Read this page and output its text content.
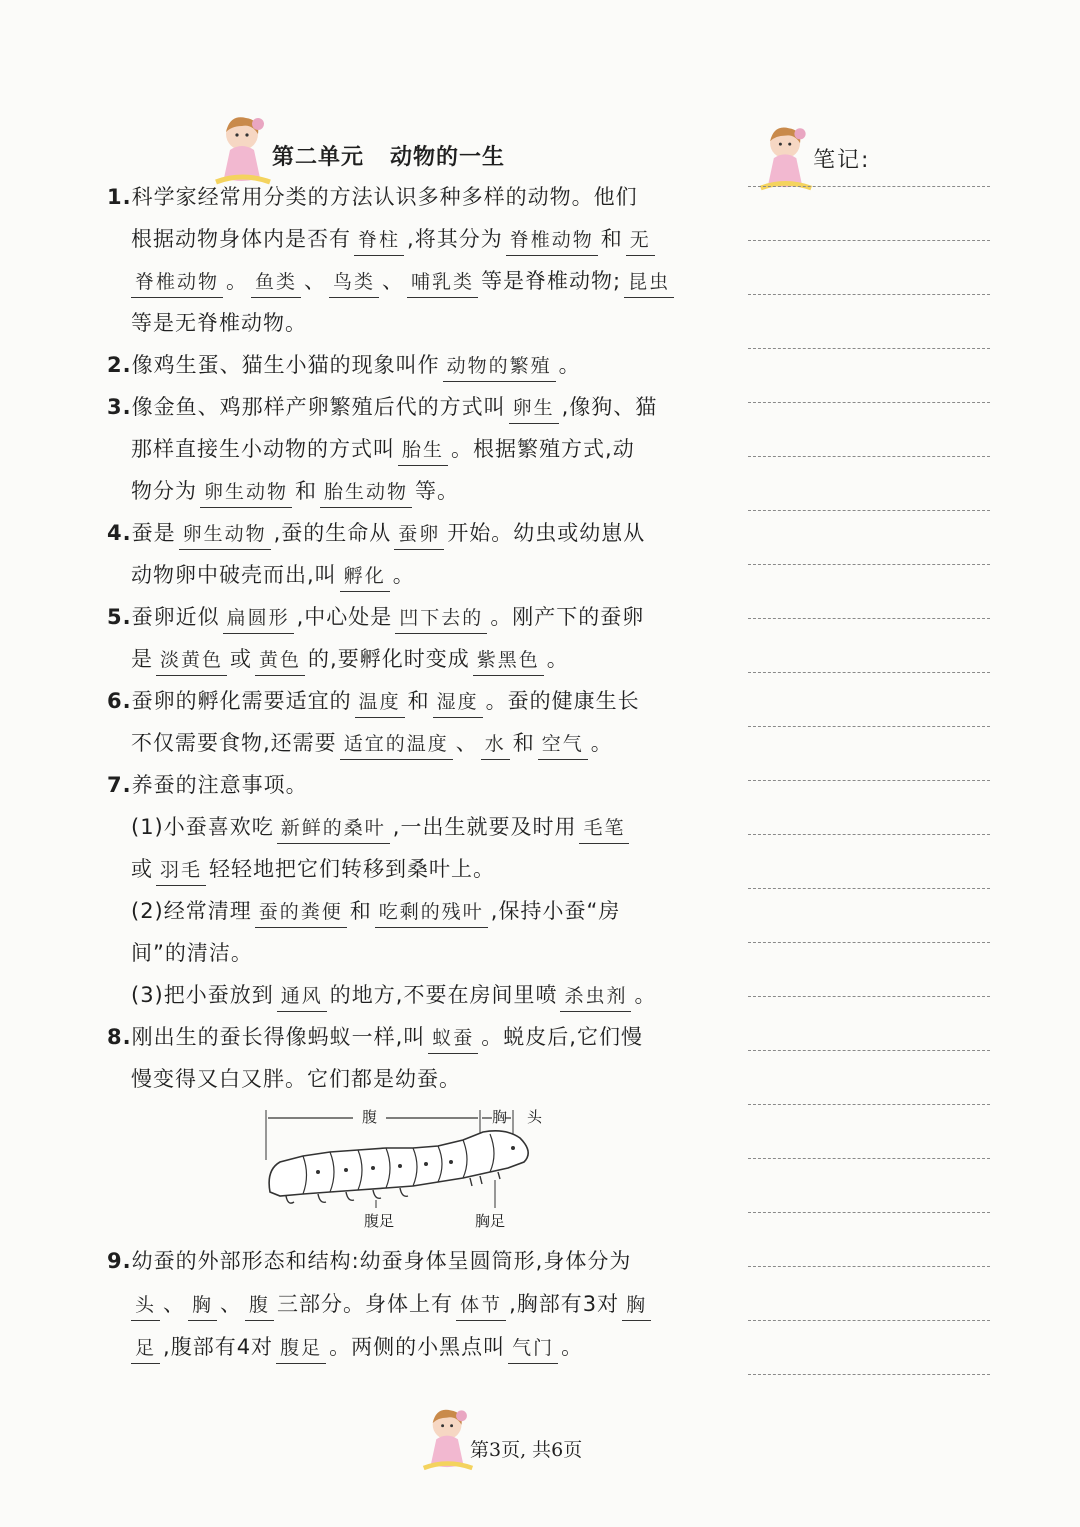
第二单元 动物的一生	笔记:
1.科学家经常用分类的方法认识多种多样的动物。他们
根据动物身体内是否有 脊柱 ,将其分为 脊椎动物 和 无
脊椎动物 。 鱼类 、 鸟类 、 哺乳类 等是脊椎动物; 昆虫
等是无脊椎动物。
2.像鸡生蛋、猫生小猫的现象叫作 动物的繁殖 。
3.像金鱼、鸡那样产卵繁殖后代的方式叫 卵生 ,像狗、猫
那样直接生小动物的方式叫 胎生 。根据繁殖方式,动
物分为 卵生动物 和 胎生动物 等。
4.蚕是 卵生动物 ,蚕的生命从 蚕卵 开始。幼虫或幼崽从
动物卵中破壳而出,叫 孵化 。
5.蚕卵近似 扁圆形 ,中心处是 凹下去的 。刚产下的蚕卵
是 淡黄色 或 黄色 的,要孵化时变成 紫黑色 。
6.蚕卵的孵化需要适宜的 温度 和 湿度 。蚕的健康生长
不仅需要食物,还需要 适宜的温度 、 水 和 空气 。
7.养蚕的注意事项。
(1)小蚕喜欢吃 新鲜的桑叶 ,一出生就要及时用 毛笔
或 羽毛 轻轻地把它们转移到桑叶上。
(2)经常清理 蚕的粪便 和 吃剩的残叶 ,保持小蚕“房
间”的清洁。
(3)把小蚕放到 通风 的地方,不要在房间里喷 杀虫剂 。
8.刚出生的蚕长得像蚂蚁一样,叫 蚁蚕 。蜕皮后,它们慢
慢变得又白又胖。它们都是幼蚕。
9.幼蚕的外部形态和结构:幼蚕身体呈圆筒形,身体分为
头 、 胸 、 腹 三部分。身体上有 体节 ,胸部有3对 胸
足 ,腹部有4对 腹足 。两侧的小黑点叫 气门 。
腹	胸 头
腹足	胸足
第3页, 共6页
